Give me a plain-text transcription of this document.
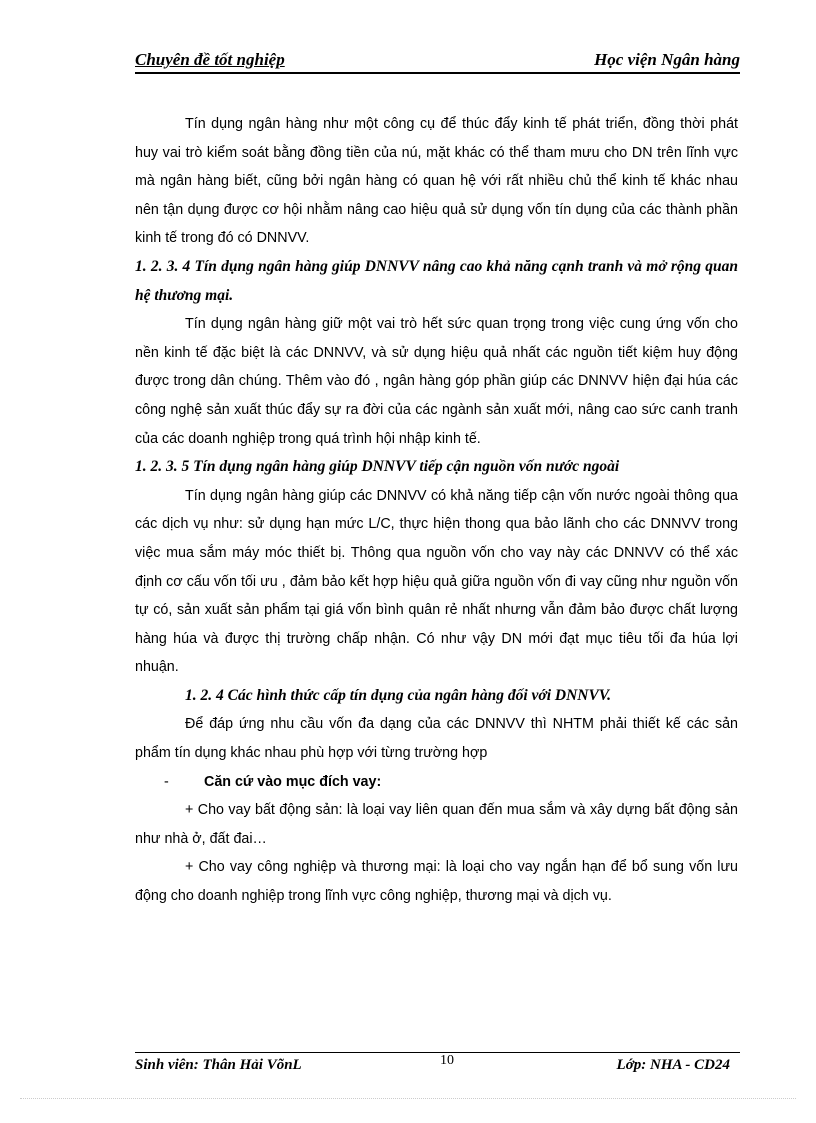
Chuyên đề tốt nghiệp	Học viện Ngân hàng

Tín dụng ngân hàng như một công cụ để thúc đẩy kinh tế phát triển, đồng thời phát huy vai trò kiểm soát bằng đồng tiền của nú, mặt khác có thể tham mưu cho DN trên lĩnh vực mà ngân hàng biết, cũng bởi ngân hàng có quan hệ với rất nhiều chủ thể kinh tế khác nhau nên tận dụng được cơ hội nhằm nâng cao hiệu quả sử dụng vốn tín dụng của các thành phần kinh tế trong đó có DNNVV.

1. 2. 3. 4 Tín dụng ngân hàng giúp DNNVV nâng cao khả năng cạnh tranh và mở rộng quan hệ thương mại.

Tín dụng ngân hàng giữ một vai trò hết sức quan trọng trong việc cung ứng vốn cho nền kinh tế đặc biệt là các DNNVV, và sử dụng hiệu quả nhất các nguồn tiết kiệm huy động được trong dân chúng. Thêm vào đó , ngân hàng góp phần giúp các DNNVV hiện đại húa các công nghệ sản xuất thúc đẩy sự ra đời của các ngành sản xuất mới, nâng cao sức canh tranh của các doanh nghiệp trong quá trình hội nhập kinh tế.

1. 2. 3. 5 Tín dụng ngân hàng giúp DNNVV tiếp cận nguồn vốn nước ngoài

Tín dụng ngân hàng giúp các DNNVV có khả năng tiếp cận vốn nước ngoài thông qua các dịch vụ như: sử dụng hạn mức L/C, thực hiện thong qua bảo lãnh cho các DNNVV trong việc mua sắm máy móc thiết bị. Thông qua nguồn vốn cho vay này các DNNVV có thể xác định cơ cấu vốn tối ưu , đảm bảo kết hợp hiệu quả giữa nguồn vốn đi vay cũng như nguồn vốn tự có, sản xuất sản phẩm tại giá vốn bình quân rẻ nhất nhưng vẫn đảm bảo được chất lượng hàng húa và được thị trường chấp nhận. Có như vậy DN mới đạt mục tiêu tối đa húa lợi nhuận.

1. 2. 4 Các hình thức cấp tín dụng của ngân hàng đối với DNNVV.

Để đáp ứng nhu cầu vốn đa dạng của các DNNVV thì NHTM phải thiết kế các sản phẩm tín dụng khác nhau phù hợp với từng trường hợp

- Căn cứ vào mục đích vay:

+ Cho vay bất động sản: là loại vay liên quan đến mua sắm và xây dựng bất động sản như nhà ở, đất đai…

+ Cho vay công nghiệp và thương mại: là loại cho vay ngắn hạn để bổ sung vốn lưu động cho doanh nghiệp trong lĩnh vực công nghiệp, thương mại và dịch vụ.

Sinh viên: Thân Hải VõnL	10	Lớp: NHA - CD24
